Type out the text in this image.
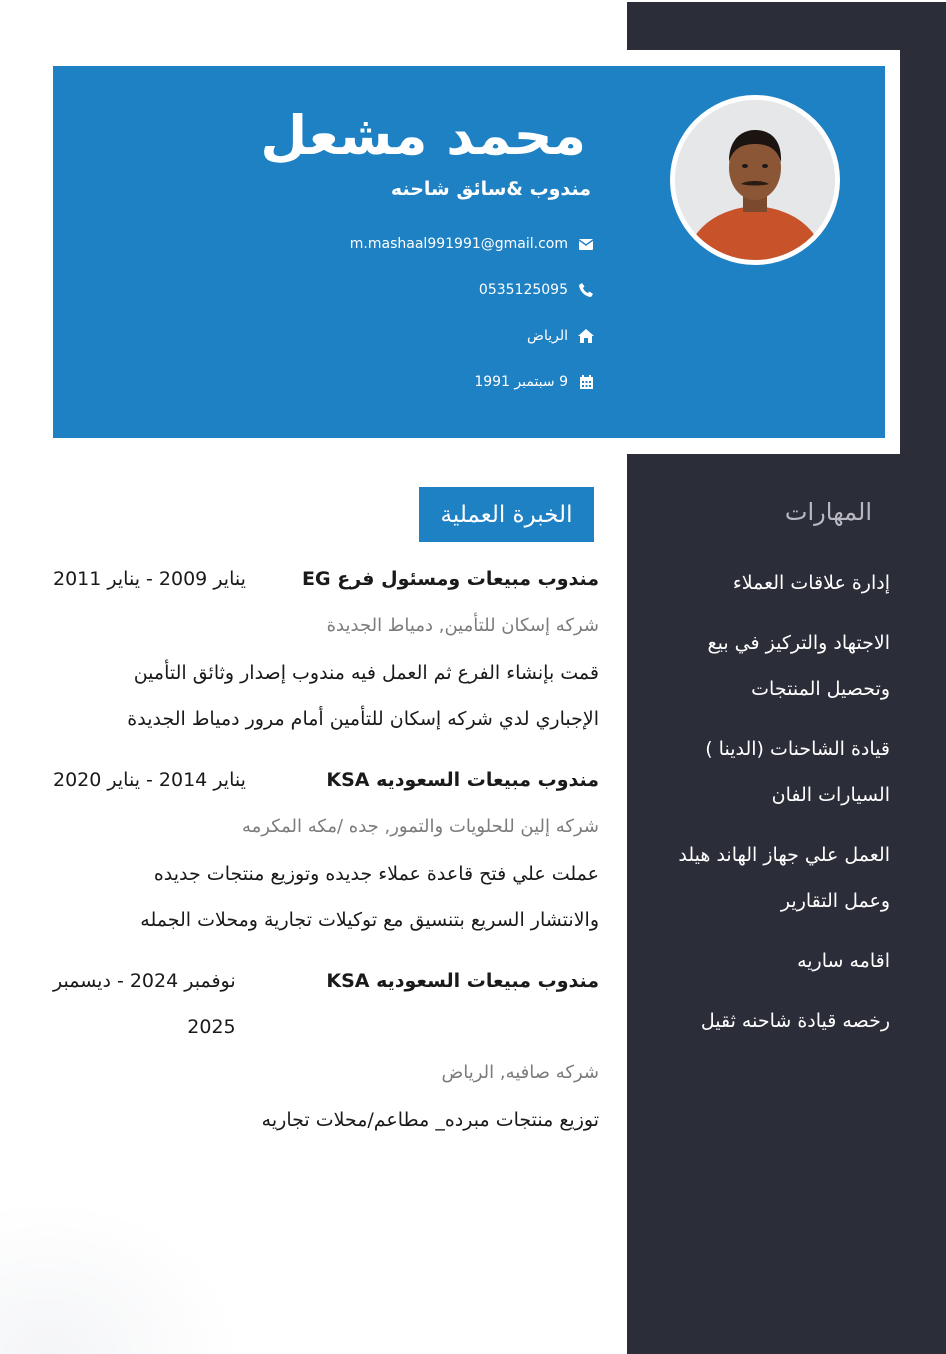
محمد مشعل
مندوب &سائق شاحنه
m.mashaal991991@gmail.com
0535125095
الرياض
9 سبتمبر 1991
المهارات
إدارة علاقات العملاء
الاجتهاد والتركيز في بيع وتحصيل المنتجات
قيادة الشاحنات (الدينا ) السيارات الفان
العمل علي جهاز الهاند هيلد وعمل التقارير
اقامه ساريه
رخصه قيادة شاحنه ثقيل
الخبرة العملية
مندوب مبيعات ومسئول فرع EG
يناير 2009 - يناير 2011
شركه إسكان للتأمين, دمياط الجديدة

قمت بإنشاء الفرع ثم العمل فيه مندوب إصدار وثائق التأمين

الإجباري لدي شركه إسكان للتأمين أمام مرور دمياط الجديدة

مندوب مبيعات السعوديه KSA
يناير 2014 - يناير 2020
شركه إلين للحلويات والتمور, جده /مكه المكرمه

عملت علي فتح قاعدة عملاء جديده وتوزيع منتجات جديده

والانتشار السريع بتنسيق مع توكيلات تجارية ومحلات الجمله

مندوب مبيعات السعوديه KSA
نوفمبر 2024 - ديسمبر
2025
شركه صافيه, الرياض

توزيع منتجات مبرده_ مطاعم/محلات تجاريه
